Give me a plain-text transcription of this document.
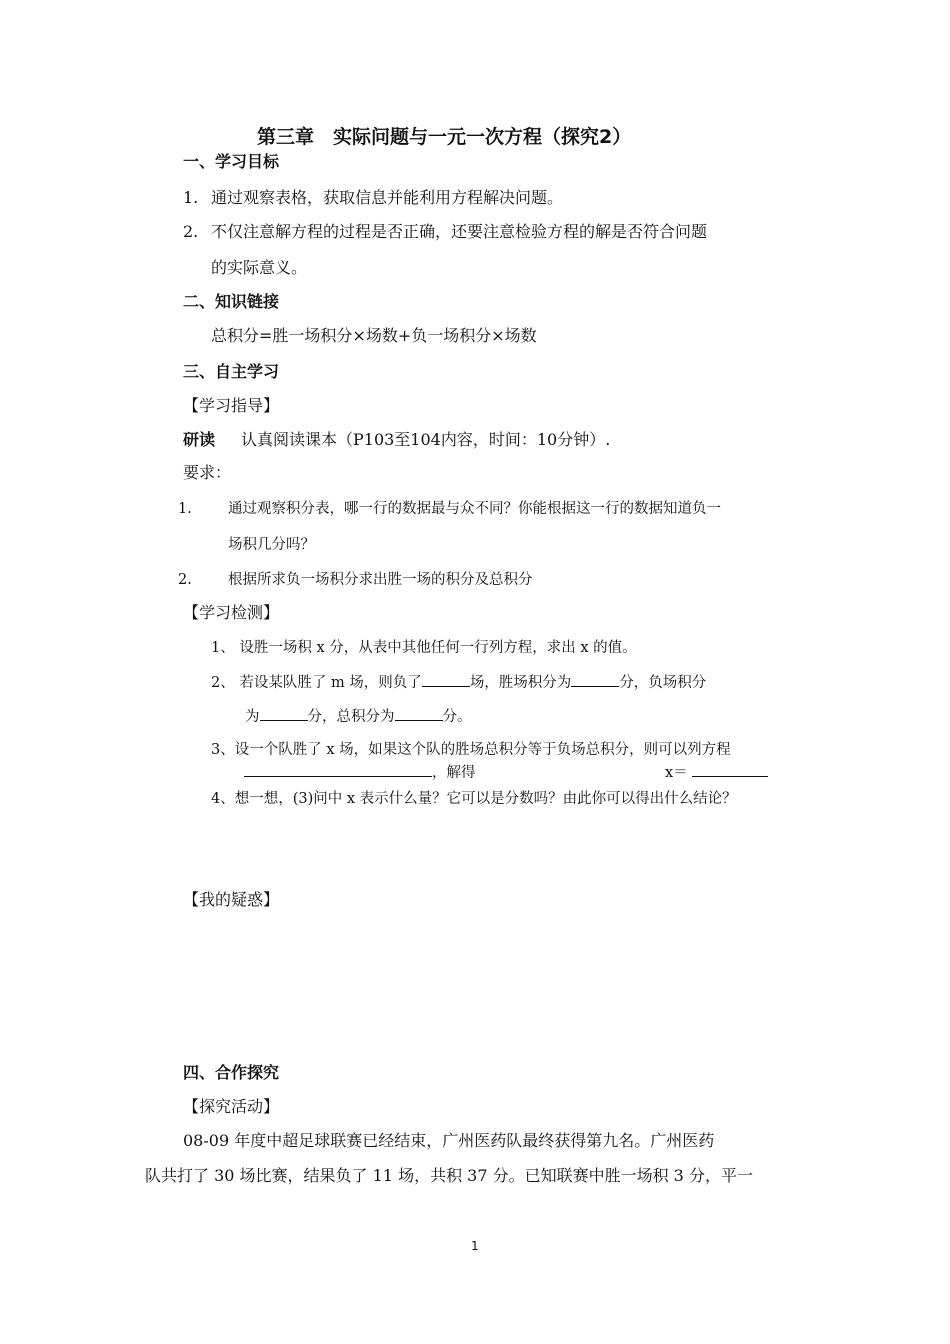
第三章　实际问题与一元一次方程（探究2）
一、学习目标
1. 通过观察表格，获取信息并能利用方程解决问题。
2. 不仅注意解方程的过程是否正确，还要注意检验方程的解是否符合问题
的实际意义。
二、知识链接
总积分=胜一场积分×场数+负一场积分×场数
三、自主学习
【学习指导】
研读 认真阅读课本（P103至104内容，时间：10分钟）.
要求：
1. 通过观察积分表，哪一行的数据最与众不同？你能根据这一行的数据知道负一
场积几分吗？
2. 根据所求负一场积分求出胜一场的积分及总积分
【学习检测】
1、 设胜一场积 x 分，从表中其他任何一行列方程，求出 x 的值。
2、 若设某队胜了 m 场，则负了	场，胜场积分为	分，负场积分
为	分，总积分为	分。
3、设一个队胜了 x 场，如果这个队的胜场总积分等于负场总积分，则可以列方程
，解得	x＝
4、想一想，(3)问中 x 表示什么量？它可以是分数吗？由此你可以得出什么结论？
【我的疑惑】
四、合作探究
【探究活动】
08-09 年度中超足球联赛已经结束，广州医药队最终获得第九名。广州医药
队共打了 30 场比赛，结果负了 11 场，共积 37 分。已知联赛中胜一场积 3 分，平一
1
